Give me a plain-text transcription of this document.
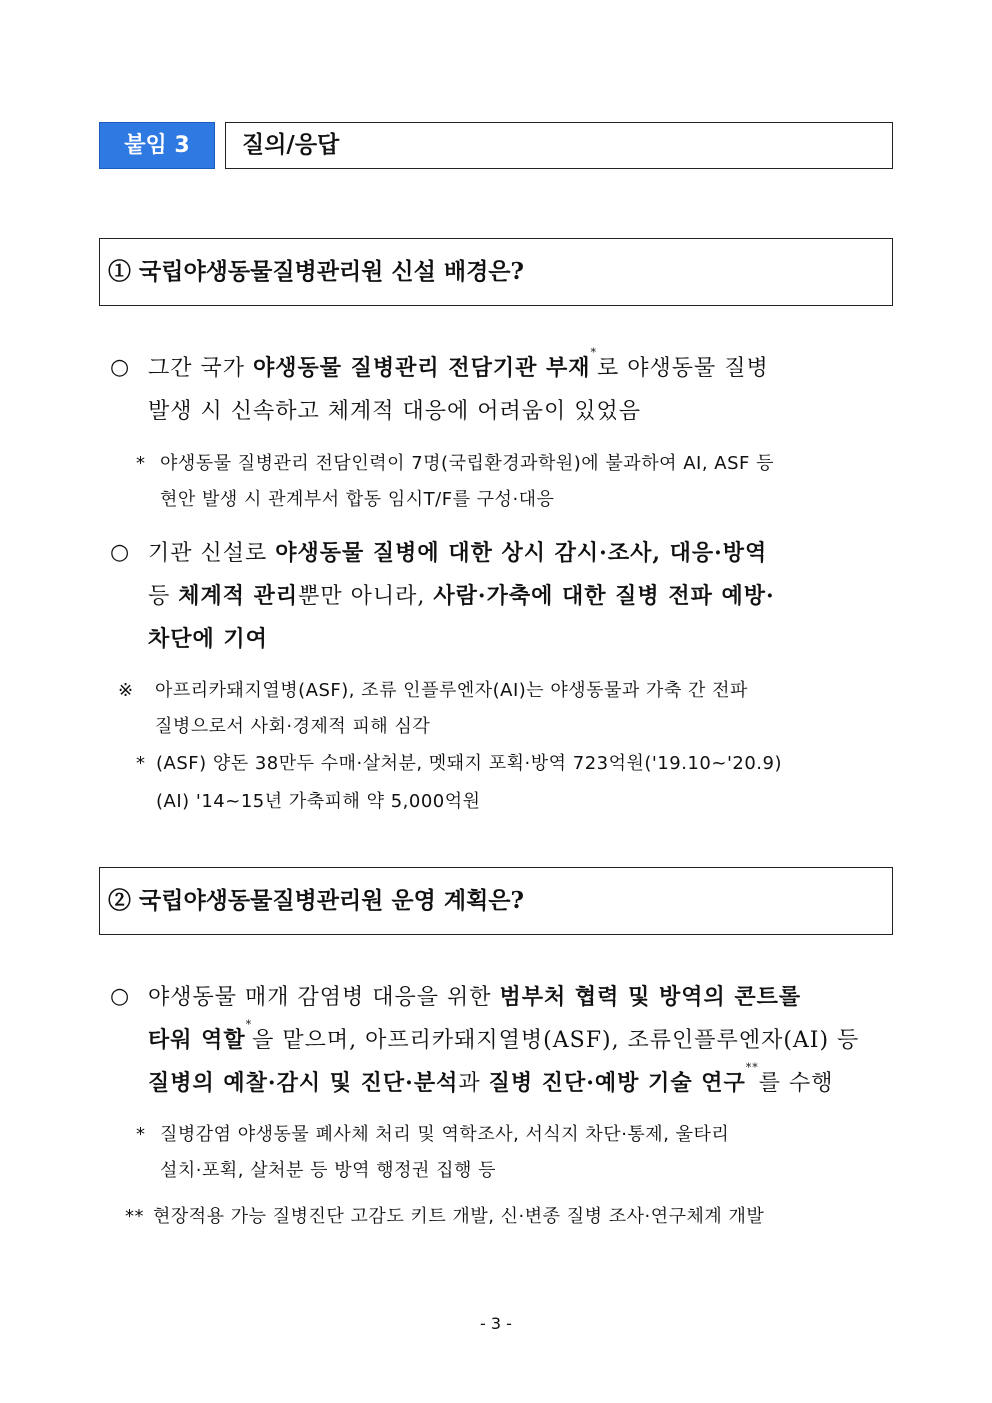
붙임 3	질의/응답
① 국립야생동물질병관리원 신설 배경은?
○ 그간 국가 야생동물 질병관리 전담기관 부재*로 야생동물 질병
발생 시 신속하고 체계적 대응에 어려움이 있었음
* 야생동물 질병관리 전담인력이 7명(국립환경과학원)에 불과하여 AI, ASF 등
현안 발생 시 관계부서 합동 임시T/F를 구성·대응
○ 기관 신설로 야생동물 질병에 대한 상시 감시·조사, 대응·방역
등 체계적 관리뿐만 아니라, 사람·가축에 대한 질병 전파 예방·
차단에 기여
※ 아프리카돼지열병(ASF), 조류 인플루엔자(AI)는 야생동물과 가축 간 전파
질병으로서 사회·경제적 피해 심각
* (ASF) 양돈 38만두 수매·살처분, 멧돼지 포획·방역 723억원('19.10~'20.9)
(AI) '14~15년 가축피해 약 5,000억원
② 국립야생동물질병관리원 운영 계획은?
○ 야생동물 매개 감염병 대응을 위한 범부처 협력 및 방역의 콘트롤
타워 역할*을 맡으며, 아프리카돼지열병(ASF), 조류인플루엔자(AI) 등
질병의 예찰·감시 및 진단·분석과 질병 진단·예방 기술 연구**를 수행
* 질병감염 야생동물 폐사체 처리 및 역학조사, 서식지 차단·통제, 울타리
설치·포획, 살처분 등 방역 행정권 집행 등
** 현장적용 가능 질병진단 고감도 키트 개발, 신·변종 질병 조사·연구체계 개발
- 3 -
